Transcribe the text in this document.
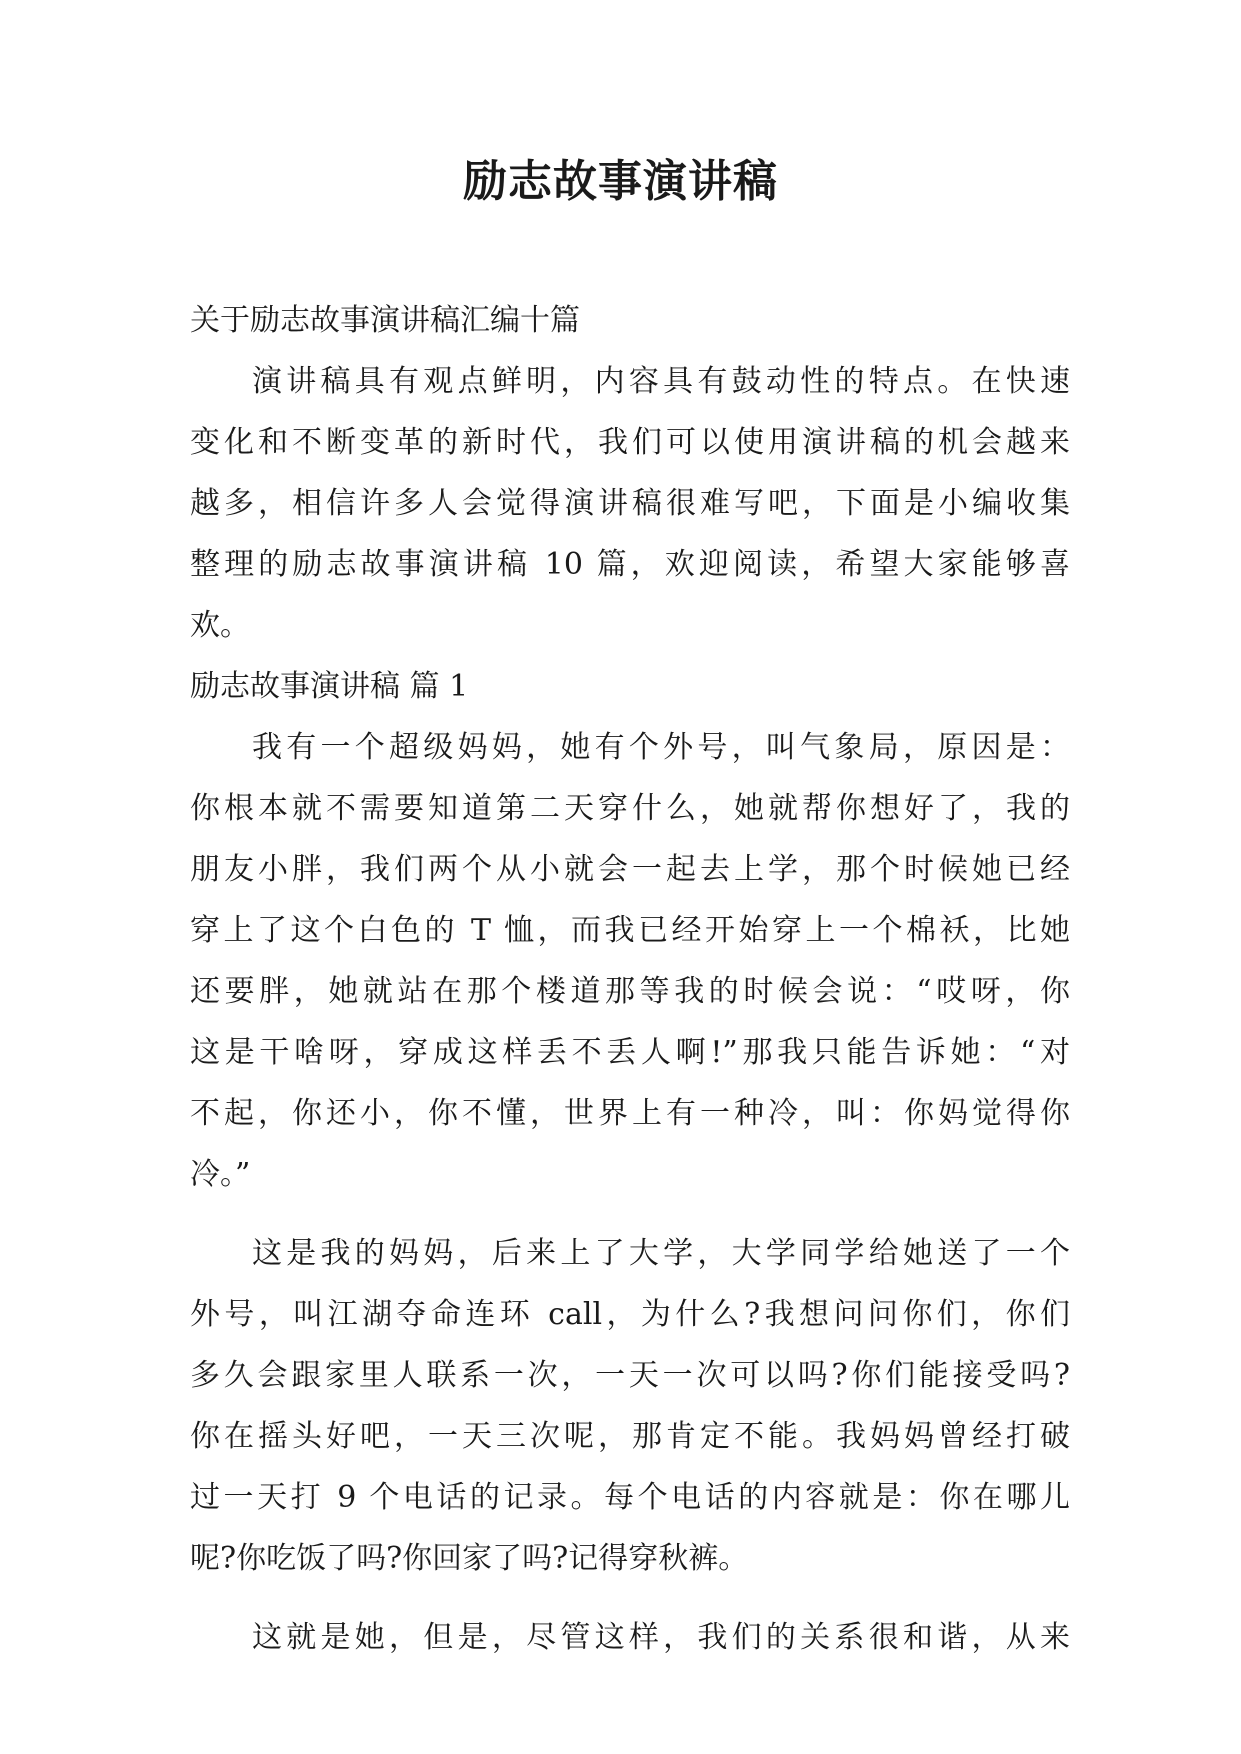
励志故事演讲稿

关于励志故事演讲稿汇编十篇

演讲稿具有观点鲜明，内容具有鼓动性的特点。在快速

变化和不断变革的新时代，我们可以使用演讲稿的机会越来

越多，相信许多人会觉得演讲稿很难写吧，下面是小编收集

整理的励志故事演讲稿 10 篇，欢迎阅读，希望大家能够喜

欢。

励志故事演讲稿 篇 1

我有一个超级妈妈，她有个外号，叫气象局，原因是：

你根本就不需要知道第二天穿什么，她就帮你想好了，我的

朋友小胖，我们两个从小就会一起去上学，那个时候她已经

穿上了这个白色的 T 恤，而我已经开始穿上一个棉袄，比她

还要胖，她就站在那个楼道那等我的时候会说：“哎呀，你

这是干啥呀，穿成这样丢不丢人啊!”那我只能告诉她：“对

不起，你还小，你不懂，世界上有一种冷，叫：你妈觉得你

冷。”

这是我的妈妈，后来上了大学，大学同学给她送了一个

外号，叫江湖夺命连环 call，为什么?我想问问你们，你们

多久会跟家里人联系一次，一天一次可以吗?你们能接受吗?

你在摇头好吧，一天三次呢，那肯定不能。我妈妈曾经打破

过一天打 9 个电话的记录。每个电话的内容就是：你在哪儿

呢?你吃饭了吗?你回家了吗?记得穿秋裤。

这就是她，但是，尽管这样，我们的关系很和谐，从来
